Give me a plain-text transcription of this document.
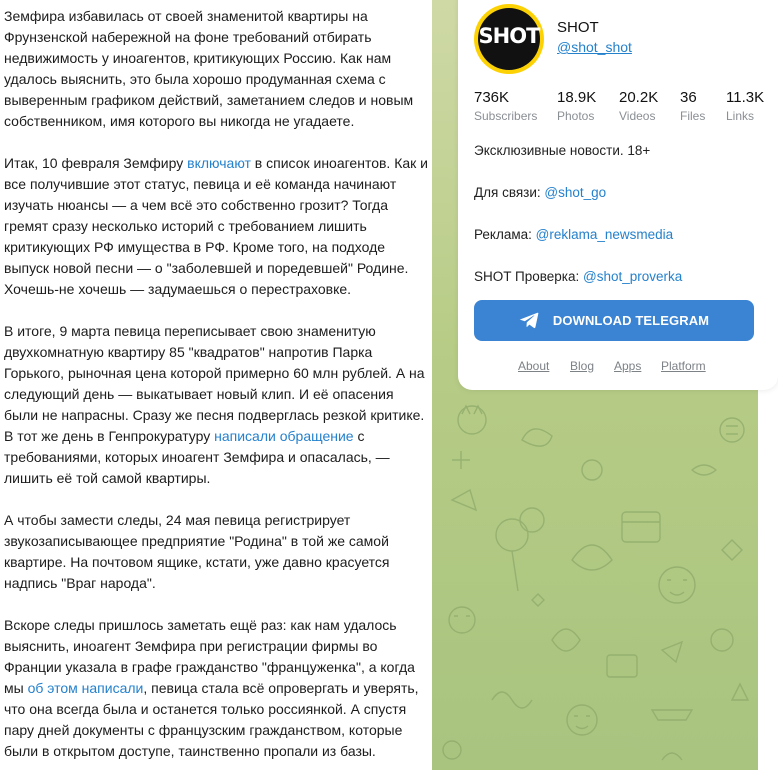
Земфира избавилась от своей знаменитой квартиры на Фрунзенской набережной на фоне требований отбирать недвижимость у иноагентов, критикующих Россию. Как нам удалось выяснить, это была хорошо продуманная схема с выверенным графиком действий, заметанием следов и новым собственником, имя которого вы никогда не угадаете.

Итак, 10 февраля Земфиру включают в список иноагентов. Как и все получившие этот статус, певица и её команда начинают изучать нюансы — а чем всё это собственно грозит? Тогда гремят сразу несколько историй с требованием лишить критикующих РФ имущества в РФ. Кроме того, на подходе выпуск новой песни — о "заболевшей и поредевшей" Родине. Хочешь-не хочешь — задумаешься о перестраховке.

В итоге, 9 марта певица переписывает свою знаменитую двухкомнатную квартиру 85 "квадратов" напротив Парка Горького, рыночная цена которой примерно 60 млн рублей. А на следующий день — выкатывает новый клип. И её опасения были не напрасны. Сразу же песня подверглась резкой критике. В тот же день в Генпрокуратуру написали обращение с требованиями, которых иноагент Земфира и опасалась, — лишить её той самой квартиры.

А чтобы замести следы, 24 мая певица регистрирует звукозаписывающее предприятие "Родина" в той же самой квартире. На почтовом ящике, кстати, уже давно красуется надпись "Враг народа".

Вскоре следы пришлось заметать ещё раз: как нам удалось выяснить, иноагент Земфира при регистрации фирмы во Франции указала в графе гражданство "француженка", а когда мы об этом написали, певица стала всё опровергать и уверять, что она всегда была и останется только россиянкой. А спустя пару дней документы с французским гражданством, которые были в открытом доступе, таинственно пропали из базы.

SHOT	SHOT
@shot_shot
736K
Subscribers
18.9K
Photos
20.2K
Videos
36
Files
11.3K
Links
Эксклюзивные новости. 18+
Для связи: @shot_go
Реклама: @reklama_newsmedia
SHOT Проверка: @shot_proverka
DOWNLOAD TELEGRAM
About Blog Apps Platform
